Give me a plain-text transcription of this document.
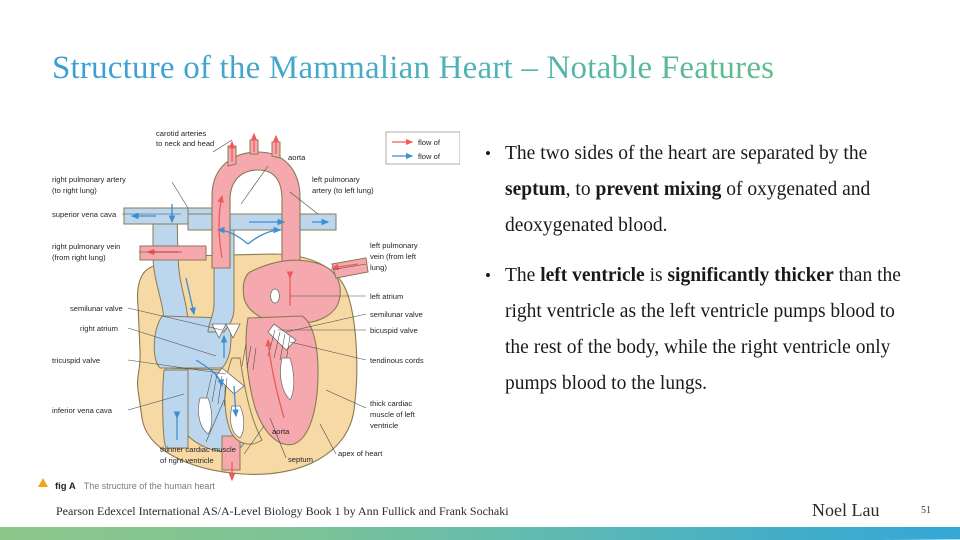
Structure of the Mammalian Heart – Notable Features
flow of
flow of
carotid arteries
to neck and head
aorta
right pulmonary artery
(to right lung)
left pulmonary
artery (to left lung)
superior vena cava
right pulmonary vein
(from right lung)
left pulmonary
vein (from left
lung)
left atrium
semilunar valve
bicuspid valve
tendinous cords
semilunar valve
right atrium
tricuspid valve
inferior vena cava
thick cardiac
muscle of left
ventricle
thinner cardiac muscle
of right ventricle
aorta
septum
apex of heart
fig A The structure of the human heart
• The two sides of the heart are separated by the septum, to prevent mixing of oxygenated and deoxygenated blood.
• The left ventricle is significantly thicker than the right ventricle as the left ventricle pumps blood to the rest of the body, while the right ventricle only pumps blood to the lungs.
Pearson Edexcel International AS/A-Level Biology Book 1 by Ann Fullick and Frank Sochaki	Noel Lau	51
